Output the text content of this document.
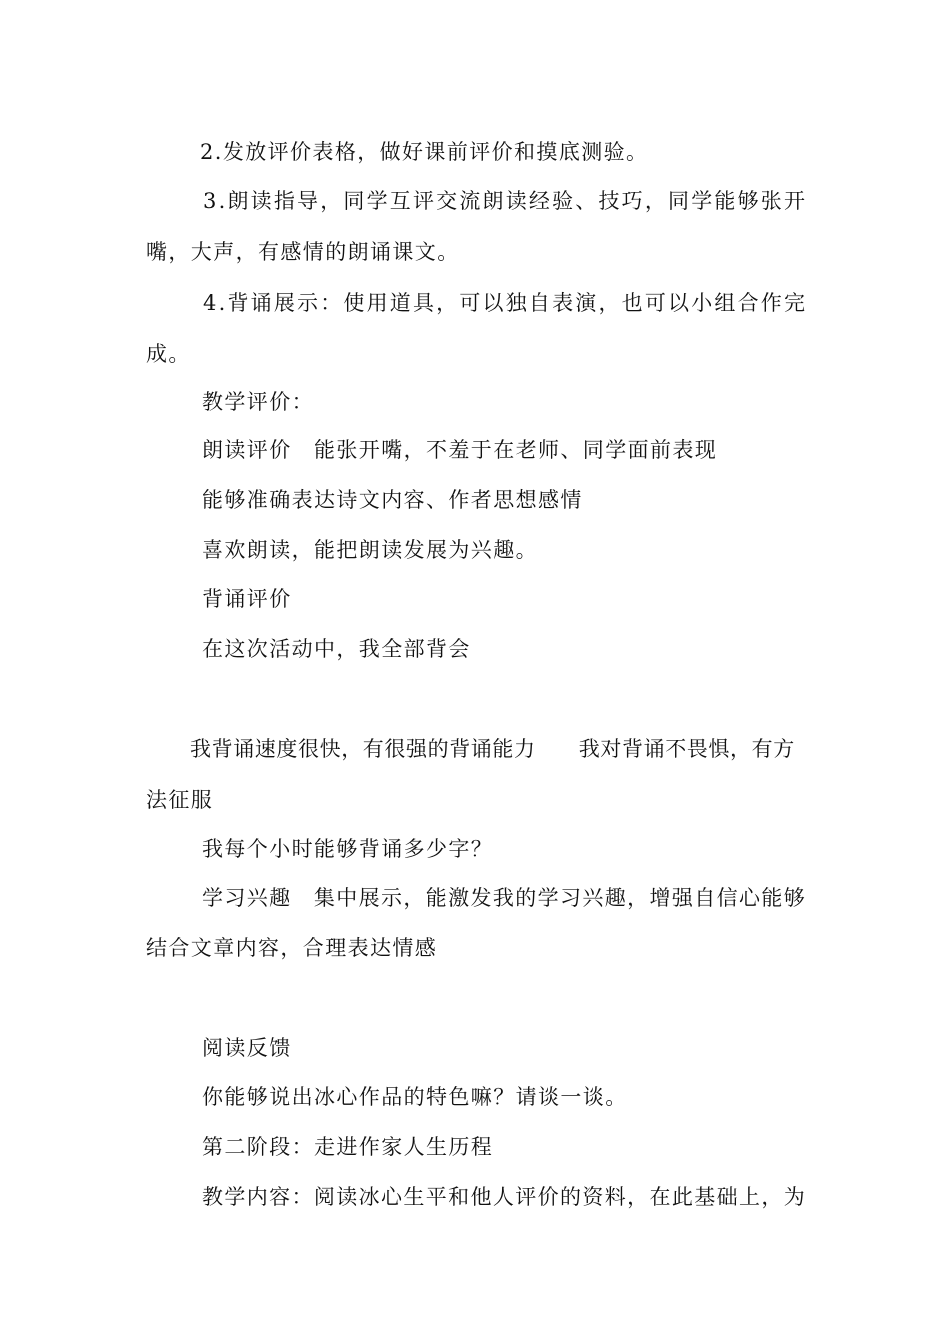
2.发放评价表格，做好课前评价和摸底测验。
3 . 朗 读 指 导 ， 同 学 互 评 交 流 朗 读 经 验 、 技 巧 ， 同 学 能 够 张 开
嘴，大声，有感情的朗诵课文。
4 . 背 诵 展 示 ： 使 用 道 具 ， 可 以 独 自 表 演 ， 也 可 以 小 组 合 作 完
成。
教学评价：
朗读评价　能张开嘴，不羞于在老师、同学面前表现
能够准确表达诗文内容、作者思想感情
喜欢朗读，能把朗读发展为兴趣。
背诵评价
在这次活动中，我全部背会
我背诵速度很快，有很强的背诵能力　　我对背诵不畏惧，有方
法征服
我每个小时能够背诵多少字？
学 习 兴 趣
　 集 中 展 示 ， 能 激 发 我 的 学 习 兴 趣 ， 增 强 自 信 心 能 够
结合文章内容，合理表达情感
阅读反馈
你能够说出冰心作品的特色嘛？请谈一谈。
第二阶段：走进作家人生历程
教 学 内 容 ： 阅 读 冰 心 生 平 和 他 人 评 价 的 资 料 ， 在 此 基 础 上 ， 为
